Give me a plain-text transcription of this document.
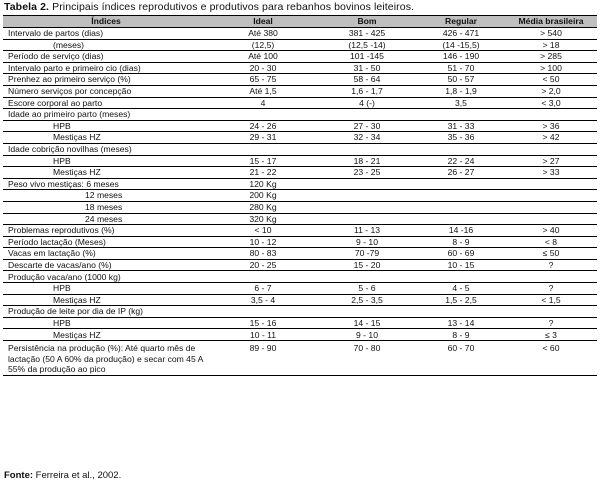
Tabela 2. Principais índices reprodutivos e produtivos para rebanhos bovinos leiteiros.
Índices	Ideal	Bom	Regular	Média brasileira
Intervalo de partos (dias)	Até 380	381 - 425	426 - 471	> 540
(meses)	(12,5)	(12,5 -14)	(14 -15,5)	> 18
Período de serviço (dias)	Até 100	101 -145	146 - 190	> 285
Intervalo parto e primeiro cio (dias)	20 - 30	31 - 50	51 - 70	> 100
Prenhez ao primeiro serviço (%)	65 - 75	58 - 64	50 - 57	< 50
Número serviços por concepção	Até 1,5	1,6 - 1,7	1,8 - 1,9	> 2,0
Escore corporal ao parto	4	4 (-)	3,5	< 3,0
Idade ao primeiro parto (meses)				
HPB	24 - 26	27 - 30	31 - 33	> 36
Mestiças HZ	29 - 31	32 - 34	35 - 36	> 42
Idade cobrição novilhas (meses)				
HPB	15 - 17	18 - 21	22 - 24	> 27
Mestiças HZ	21 - 22	23 - 25	26 - 27	> 33
Peso vivo mestiças: 6 meses	120 Kg			
12 meses	200 Kg			
18 meses	280 Kg			
24 meses	320 Kg			
Problemas reprodutivos (%)	< 10	11 - 13	14 -16	> 40
Período lactação (Meses)	10 - 12	9 - 10	8 - 9	< 8
Vacas em lactação (%)	80 - 83	70 -79	60 - 69	≤ 50
Descarte de vacas/ano (%)	20 - 25	15 - 20	10 - 15	?
Produção vaca/ano (1000 kg)				
HPB	6 - 7	5 - 6	4 - 5	?
Mestiças HZ	3,5 - 4	2,5 - 3,5	1,5 - 2,5	< 1,5
Produção de leite por dia de IP (kg)				
HPB	15 - 16	14 - 15	13 - 14	?
Mestiças HZ	10 - 11	9 - 10	8 - 9	≤ 3
Persistência na produção (%): Até quarto mês de lactação (50 A 60% da produção) e secar com 45 A 55% da produção ao pico	89 - 90	70 - 80	60 - 70	< 60
Fonte: Ferreira et al., 2002.
